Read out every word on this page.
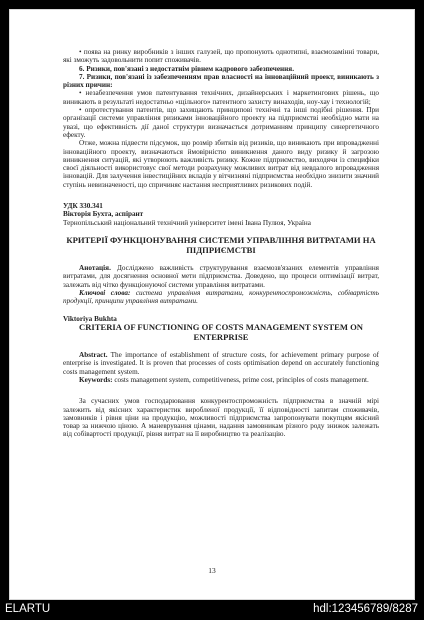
• поява на ринку виробників з інших галузей, що пропонують однотипні, взаємозамінні товари, які зможуть задовольнити попит споживачів.

6. Ризики, пов'язані з недостатнім рівнем кадрового забезпечення.

7. Ризики, пов'язані із забезпеченням прав власності на інноваційний проект, виникають з різних причин:

• незабезпечення умов патентування технічних, дизайнерських і маркетингових рішень, що виникають в результаті недостатньо «щільного» патентного захисту винаходів, ноу-хау і технологій;

• опротестування патентів, що захищають принципові технічні та інші подібні рішення. При організації системи управління ризиками інноваційного проекту на підприємстві необхідно мати на увазі, що ефективність дії даної структури визначається дотриманням принципу синергетичного ефекту.

Отже, можна підвести підсумок, що розмір збитків від ризиків, що виникають при впровадженні інноваційного проекту, визначаються ймовірністю виникнення даного виду ризику й загрозою виникнення ситуацій, які утворюють важливість ризику. Кожне підприємство, виходячи із специфіки своєї діяльності використовує свої методи розрахунку можливих витрат від невдалого впровадження інновацій. Для залучення інвестиційних вкладів у вітчизняні підприємства необхідно знизити значний ступінь невизначеності, що спричиняє настання несприятливих ризикових подій.

УДК 330.341

Вікторія Бухта, аспірант

Тернопільський національний технічний університет імені Івана Пулюя, Україна

КРИТЕРІЇ ФУНКЦІОНУВАННЯ СИСТЕМИ УПРАВЛІННЯ ВИТРАТАМИ НА ПІДПРИЄМСТВІ

Анотація. Досліджено важливість структурування взаємозв'язаних елементів управління витратами, для досягнення основної мети підприємства. Доведено, що процеси оптимізації витрат, залежать від чітко функціонуючої системи управління витратами.

Ключові слова: система управління витратами, конкурентоспроможність, собівартість продукції, принципи управління витратами.

Viktoriya Bukhta

CRITERIA OF FUNCTIONING OF COSTS MANAGEMENT SYSTEM ON ENTERPRISE

Abstract. The importance of establishment of structure costs, for achievement primary purpose of enterprise is investigated. It is proven that processes of costs optimisation depend on accurately functioning costs management system.

Keywords: costs management system, competitiveness, prime cost, principles of costs management.

За сучасних умов господарювання конкурентоспроможність підприємства в значній мірі залежить від якісних характеристик виробленої продукції, її відповідності запитам споживачів, замовників і рівня ціни на продукцію, можливості підприємства запропонувати покупцям якісний товар за нижчою ціною. А маневрування цінами, надання замовникам різного роду знижок залежать від собівартості продукції, рівня витрат на її виробництво та реалізацію.

13
ELARTU	hdl:123456789/8287
